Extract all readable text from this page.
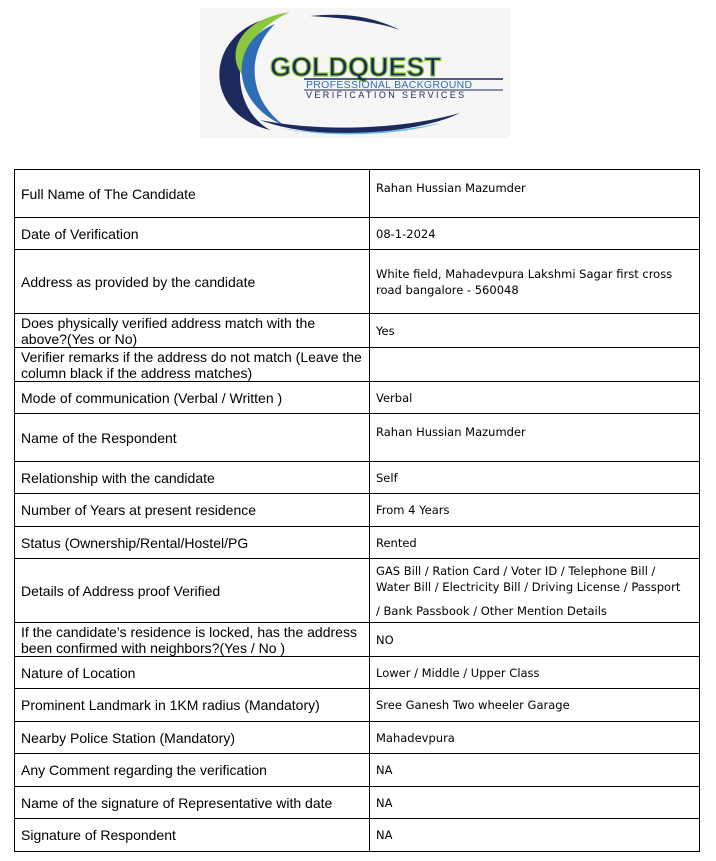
GOLDQUEST
PROFESSIONAL BACKGROUND
VERIFICATION SERVICES
Full Name of The Candidate	Rahan Hussian Mazumder
Date of Verification	08-1-2024
Address as provided by the candidate	White field, Mahadevpura Lakshmi Sagar first cross road bangalore - 560048
Does physically verified address match with the above?(Yes or No)	Yes
Verifier remarks if the address do not match (Leave the column black if the address matches)	
Mode of communication (Verbal / Written )	Verbal
Name of the Respondent	Rahan Hussian Mazumder
Relationship with the candidate	Self
Number of Years at present residence	From 4 Years
Status (Ownership/Rental/Hostel/PG	Rented
Details of Address proof Verified	GAS Bill / Ration Card / Voter ID / Telephone Bill / Water Bill / Electricity Bill / Driving License / Passport
/ Bank Passbook / Other Mention Details

If the candidate’s residence is locked, has the address been confirmed with neighbors?(Yes / No )	NO
Nature of Location	Lower / Middle / Upper Class
Prominent Landmark in 1KM radius (Mandatory)	Sree Ganesh Two wheeler Garage
Nearby Police Station (Mandatory)	Mahadevpura
Any Comment regarding the verification	NA
Name of the signature of Representative with date	NA
Signature of Respondent	NA
